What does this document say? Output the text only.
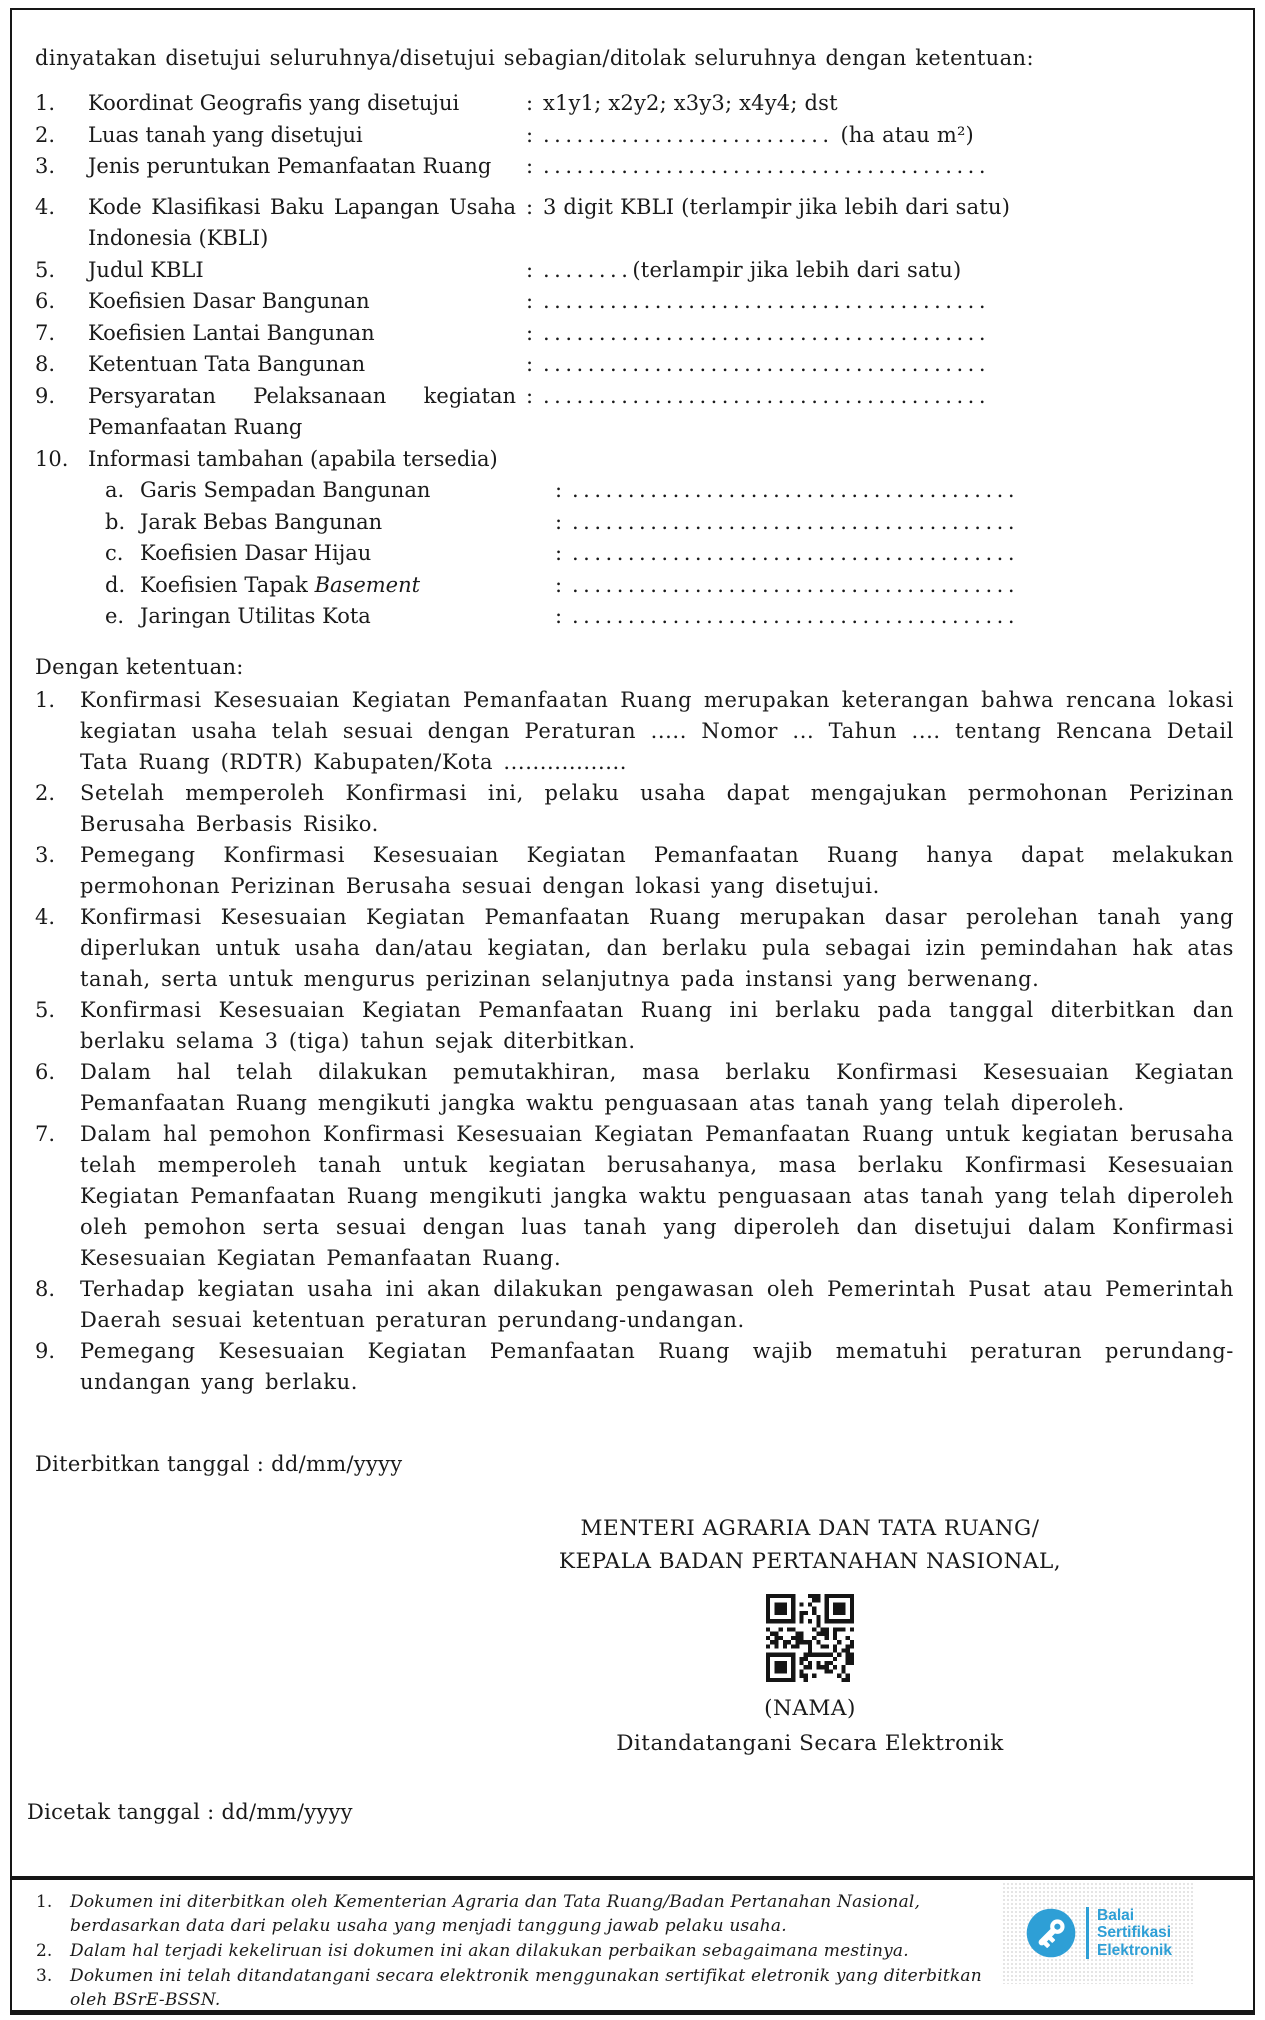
dinyatakan disetujui seluruhnya/disetujui sebagian/ditolak seluruhnya dengan ketentuan:
1.	Koordinat Geografis yang disetujui	: x1y1; x2y2; x3y3; x4y4; dst
2.	Luas tanah yang disetujui	: .......................... (ha atau m²)
3.	Jenis peruntukan Pemanfaatan Ruang	: ........................................
4.	Kode Klasifikasi Baku Lapangan Usaha Indonesia (KBLI)
: 3 digit KBLI (terlampir jika lebih dari satu)
5.	Judul KBLI	: ........(terlampir jika lebih dari satu)
6.	Koefisien Dasar Bangunan	: ........................................
7.	Koefisien Lantai Bangunan	: ........................................
8.	Ketentuan Tata Bangunan	: ........................................
9.	Persyaratan Pelaksanaan kegiatan Pemanfaatan Ruang
: ........................................
10. Informasi tambahan (apabila tersedia)
a. Garis Sempadan Bangunan	: ........................................
b. Jarak Bebas Bangunan	: ........................................
c. Koefisien Dasar Hijau	: ........................................
d. Koefisien Tapak Basement	: ........................................
e. Jaringan Utilitas Kota	: ........................................
Dengan ketentuan:
1.	Konfirmasi Kesesuaian Kegiatan Pemanfaatan Ruang merupakan keterangan bahwa rencana lokasi kegiatan usaha telah sesuai dengan Peraturan ..... Nomor ... Tahun .... tentang Rencana Detail Tata Ruang (RDTR) Kabupaten/Kota .................
2.	Setelah memperoleh Konfirmasi ini, pelaku usaha dapat mengajukan permohonan Perizinan Berusaha Berbasis Risiko.
3.	Pemegang Konfirmasi Kesesuaian Kegiatan Pemanfaatan Ruang hanya dapat melakukan permohonan Perizinan Berusaha sesuai dengan lokasi yang disetujui.
4.	Konfirmasi Kesesuaian Kegiatan Pemanfaatan Ruang merupakan dasar perolehan tanah yang diperlukan untuk usaha dan/atau kegiatan, dan berlaku pula sebagai izin pemindahan hak atas tanah, serta untuk mengurus perizinan selanjutnya pada instansi yang berwenang.
5.	Konfirmasi Kesesuaian Kegiatan Pemanfaatan Ruang ini berlaku pada tanggal diterbitkan dan berlaku selama 3 (tiga) tahun sejak diterbitkan.
6.	Dalam hal telah dilakukan pemutakhiran, masa berlaku Konfirmasi Kesesuaian Kegiatan Pemanfaatan Ruang mengikuti jangka waktu penguasaan atas tanah yang telah diperoleh.
7.	Dalam hal pemohon Konfirmasi Kesesuaian Kegiatan Pemanfaatan Ruang untuk kegiatan berusaha telah memperoleh tanah untuk kegiatan berusahanya, masa berlaku Konfirmasi Kesesuaian Kegiatan Pemanfaatan Ruang mengikuti jangka waktu penguasaan atas tanah yang telah diperoleh oleh pemohon serta sesuai dengan luas tanah yang diperoleh dan disetujui dalam Konfirmasi Kesesuaian Kegiatan Pemanfaatan Ruang.
8.	Terhadap kegiatan usaha ini akan dilakukan pengawasan oleh Pemerintah Pusat atau Pemerintah Daerah sesuai ketentuan peraturan perundang-undangan.
9.	Pemegang Kesesuaian Kegiatan Pemanfaatan Ruang wajib mematuhi peraturan perundang-undangan yang berlaku.
Diterbitkan tanggal : dd/mm/yyyy
MENTERI AGRARIA DAN TATA RUANG/
KEPALA BADAN PERTANAHAN NASIONAL,
(NAMA)
Ditandatangani Secara Elektronik
Dicetak tanggal : dd/mm/yyyy
1.	Dokumen ini diterbitkan oleh Kementerian Agraria dan Tata Ruang/Badan Pertanahan Nasional, berdasarkan data dari pelaku usaha yang menjadi tanggung jawab pelaku usaha.
2.	Dalam hal terjadi kekeliruan isi dokumen ini akan dilakukan perbaikan sebagaimana mestinya.
3.	Dokumen ini telah ditandatangani secara elektronik menggunakan sertifikat eletronik yang diterbitkan oleh BSrE-BSSN.
Balai
Sertifikasi
Elektronik
